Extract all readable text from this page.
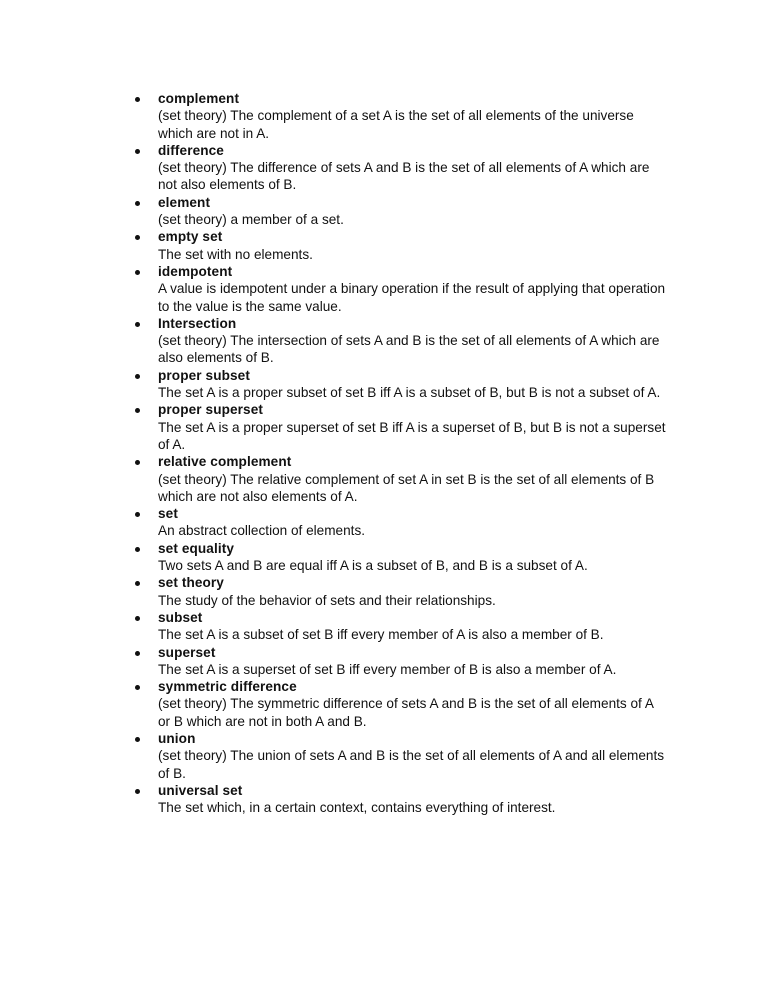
complement
(set theory) The complement of a set A is the set of all elements of the universe which are not in A.
difference
(set theory) The difference of sets A and B is the set of all elements of A which are not also elements of B.
element
(set theory) a member of a set.
empty set
The set with no elements.
idempotent
A value is idempotent under a binary operation if the result of applying that operation to the value is the same value.
Intersection
(set theory) The intersection of sets A and B is the set of all elements of A which are also elements of B.
proper subset
The set A is a proper subset of set B iff A is a subset of B, but B is not a subset of A.
proper superset
The set A is a proper superset of set B iff A is a superset of B, but B is not a superset of A.
relative complement
(set theory) The relative complement of set A in set B is the set of all elements of B which are not also elements of A.
set
An abstract collection of elements.
set equality
Two sets A and B are equal iff A is a subset of B, and B is a subset of A.
set theory
The study of the behavior of sets and their relationships.
subset
The set A is a subset of set B iff every member of A is also a member of B.
superset
The set A is a superset of set B iff every member of B is also a member of A.
symmetric difference
(set theory) The symmetric difference of sets A and B is the set of all elements of A or B which are not in both A and B.
union
(set theory) The union of sets A and B is the set of all elements of A and all elements of B.
universal set
The set which, in a certain context, contains everything of interest.
